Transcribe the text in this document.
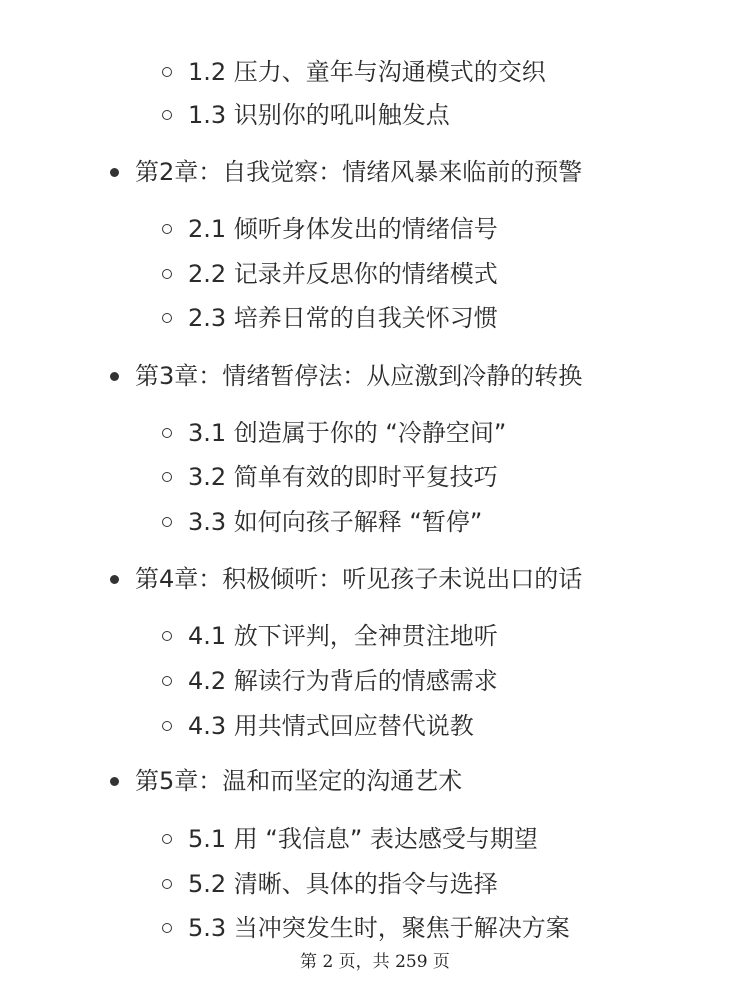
1.2 压力、童年与沟通模式的交织
1.3 识别你的吼叫触发点
第2章：自我觉察：情绪风暴来临前的预警
2.1 倾听身体发出的情绪信号
2.2 记录并反思你的情绪模式
2.3 培养日常的自我关怀习惯
第3章：情绪暂停法：从应激到冷静的转换
3.1 创造属于你的 “冷静空间”
3.2 简单有效的即时平复技巧
3.3 如何向孩子解释 “暂停”
第4章：积极倾听：听见孩子未说出口的话
4.1 放下评判，全神贯注地听
4.2 解读行为背后的情感需求
4.3 用共情式回应替代说教
第5章：温和而坚定的沟通艺术
5.1 用 “我信息” 表达感受与期望
5.2 清晰、具体的指令与选择
5.3 当冲突发生时，聚焦于解决方案
第 2 页，共 259 页
